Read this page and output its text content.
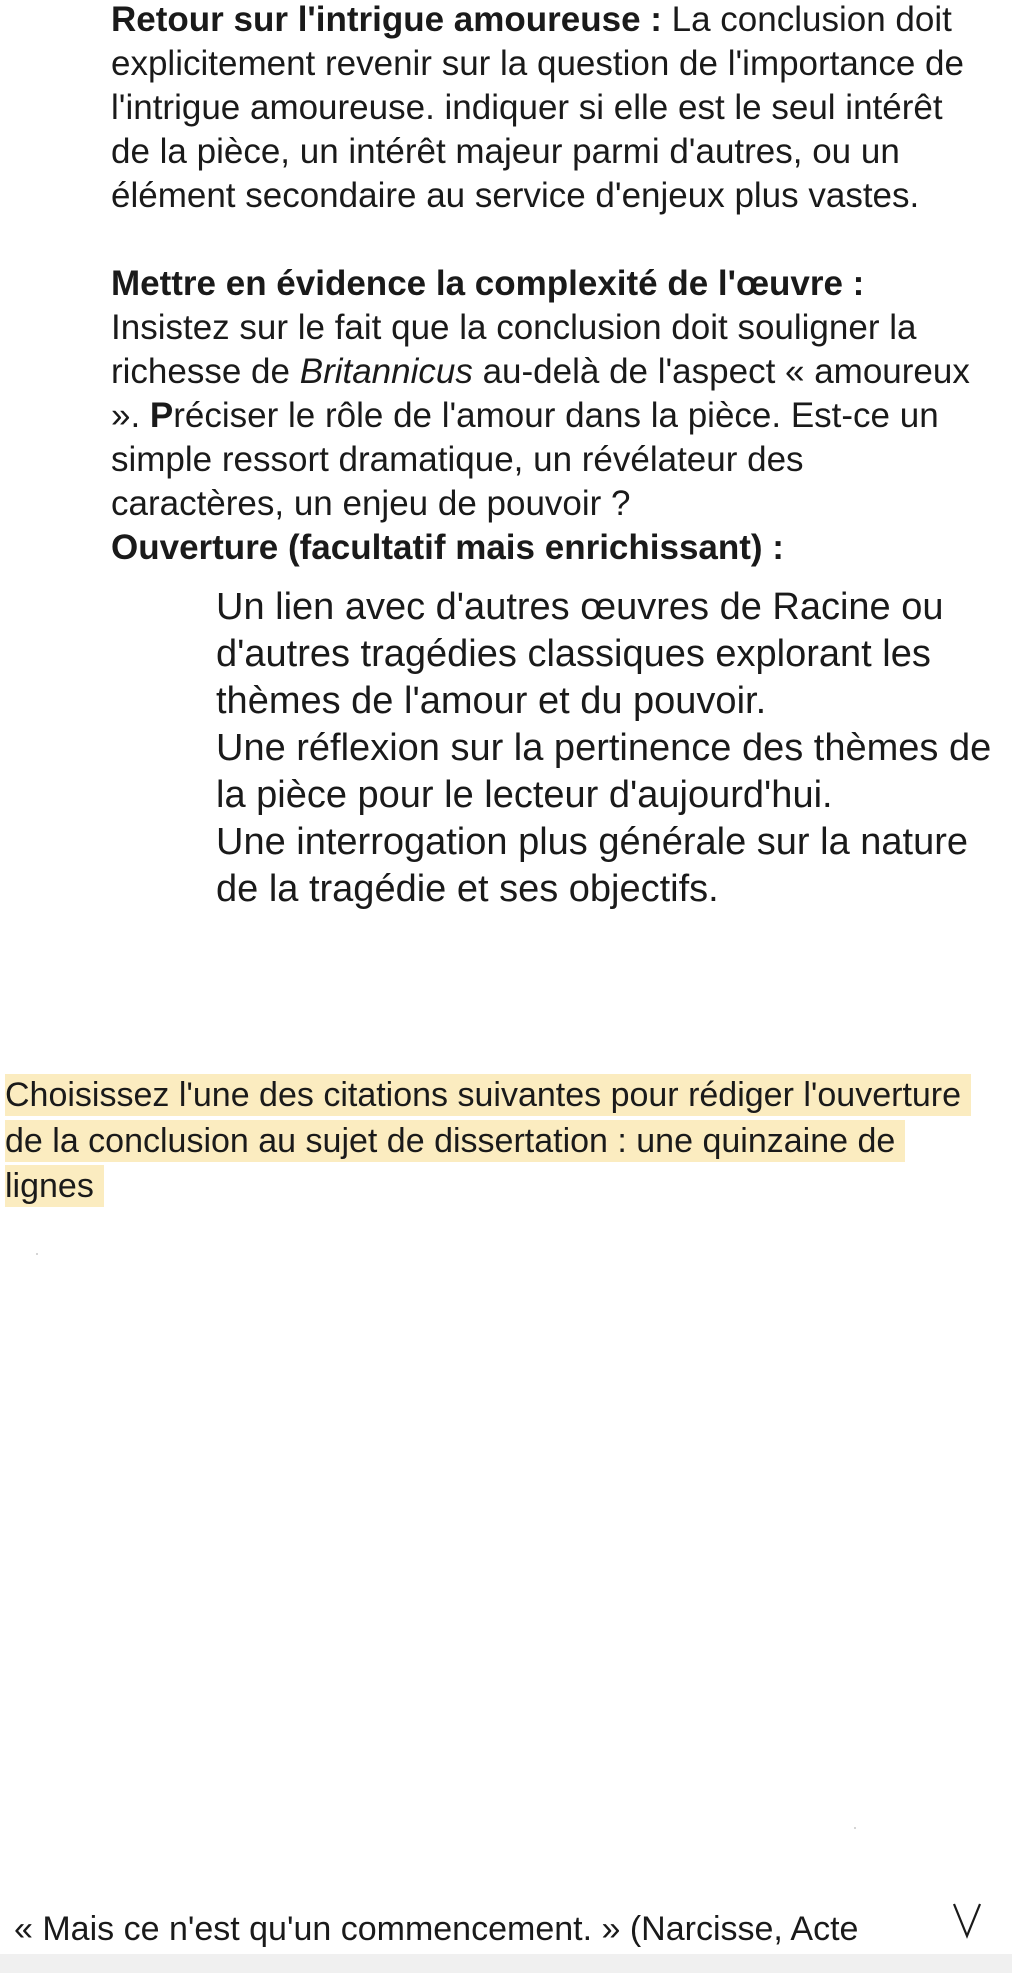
Retour sur l'intrigue amoureuse : La conclusion doit explicitement revenir sur la question de l'importance de l'intrigue amoureuse. indiquer si elle est le seul intérêt de la pièce, un intérêt majeur parmi d'autres, ou un élément secondaire au service d'enjeux plus vastes.

Mettre en évidence la complexité de l'œuvre : Insistez sur le fait que la conclusion doit souligner la richesse de Britannicus au-delà de l'aspect « amoureux ». Préciser le rôle de l'amour dans la pièce. Est-ce un simple ressort dramatique, un révélateur des caractères, un enjeu de pouvoir ?

Ouverture (facultatif mais enrichissant) :

Un lien avec d'autres œuvres de Racine ou d'autres tragédies classiques explorant les thèmes de l'amour et du pouvoir.
Une réflexion sur la pertinence des thèmes de la pièce pour le lecteur d'aujourd'hui.
Une interrogation plus générale sur la nature de la tragédie et ses objectifs.

Choisissez l'une des citations suivantes pour rédiger l'ouverture de la conclusion au sujet de dissertation : une quinzaine de lignes

« Mais ce n'est qu'un commencement. » (Narcisse, Acte
